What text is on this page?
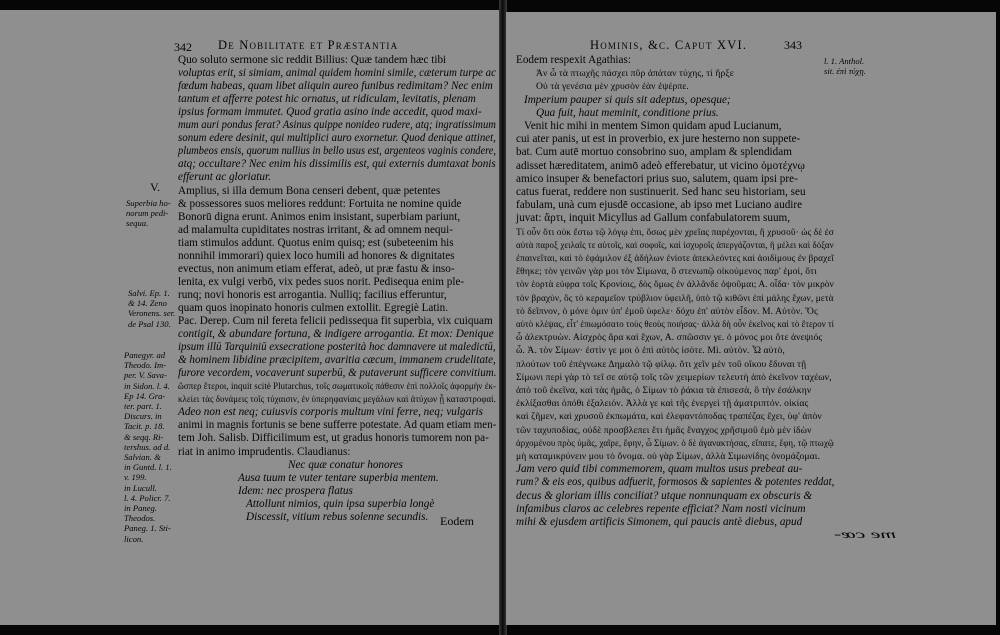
342 De Nobilitate et Præstantia
V.
Quo soluto sermone sic reddit Billius: Quæ tandem hæc tibi
voluptas erit, si simiam, animal quidem homini simile, cæterum turpe ac
fœdum habeas, quam libet aliquin aureo funibus redimitam? Nec enim
tantum et afferre potest hic ornatus, ut ridiculam, levitatis, plenam
ipsius formam immutet. Quod gratia asino inde accedit, quod maxi-
mum auri pondus ferat? Asinus quippe nonideo rudere, atq; ingratissimum
sonum edere desinit, qui multiplici auro exornetur. Quod denique attinet,
plumbeos ensis, quorum nullius in bello usus est, argenteos vaginis condere,
atq; occultare? Nec enim his dissimilis est, qui externis dumtaxat bonis
efferunt ac gloriatur.
Amplius, si illa demum Bona censeri debent, quæ petentes
& possessores suos meliores reddunt: Fortuita ne nomine quide
Bonorū digna erunt. Animos enim insistant, superbiam pariunt,
ad malamulta cupiditates nostras irritant, & ad omnem nequi-
tiam stimulos addunt. Quotus enim quisq; est (subeteenim his
nonnihil immorari) quiex loco humili ad honores & dignitates
evectus, non animum etiam efferat, adeò, ut præ fastu & inso-
lenita, ex vulgi verbō, vix pedes suos norit. Pedisequa enim ple-
runq; novi honoris est arrogantia. Nulliq; facilius efferuntur,
quam quos inopinato honoris culmen extollit. Egregiè Latin.
Pac. Derep. Cum nil fereta felicii pedissequa fit superbia, vix cuiquam
contigit, & abundare fortuna, & indigere arrogantia. Et mox: Denique
ipsum illū Tarquiniū exsecratione posterità hoc damnavere ut maledictū,
& hominem libidine præcipitem, avaritia cæcum, immanem crudelitate,
furore vecordem, vocaverunt superbū, & putaverunt sufficere convitium.
ὥσπερ ἕτεροι, inquit scitè Plutarchus, τοῖς σωματικοῖς πάθεσιν ἐπὶ πολλοῖς ἀφορμὴν ἐκ-
κλείει τὰς δυνάμεις τοῖς τύχαισιν, ἐν ὑπερηφανίαις μεγάλων καὶ ἀτύχων ᾖ καταστροφαί.
Adeo non est neq; cuiusvis corporis multum vini ferre, neq; vulgaris
animi in magnis fortunis se bene sufferre potestate. Ad quam etiam men-
tem Joh. Salisb. Difficilimum est, ut gradus honoris tumorem non pa-
riat in animo imprudentis. Claudianus:
Nec quæ conatur honores
Ausa tuum te vuter tentare superbia mentem.
Idem: nec prospera flatus
Attollunt nimios, quin ipsa superbia longè
Discessit, vitium rebus solenne secundis.
Superbia ho-
norum pedi-
sequa.
Salvi. Ep. 1.
& 14. Zeno
Veronens. ser.
de Psal 130.
Panegyr. ad
Theodo. Im-
per. V. Sava-
in Sidon. l. 4.
Ep 14. Gra-
ter. part. 1.
Discurs. in
Tacit. p. 18.
& seqq. Ri-
tershus. ad d.
Salvian. &
in Guntd. l. 1.
v. 199.
in Lucull.
l. 4. Policr. 7.
in Paneg.
Theodos.
Paneg. 1. Sti-
licon.
Eodem
Hominis, &c. Caput XVI.	343
l. 1. Anthol.
sit. ἐπὶ τύχῃ.
Eodem respexit Agathias:
Ἀν ὦ τὰ πτωχῆς πάσχει πῦρ ἀπάταν τύχης, τί ἥρξε
Οὐ τὰ γενέσια μὲν χρυσὸν ἐὰν ἐψέρπε.
Imperium pauper si quis sit adeptus, opesque;
Qua fuit, haut meminit, conditione prius.
Venit hic mihi in mentem Simon quidam apud Lucianum,
cui ater panis, ut est in proverbio, ex jure hesterno non suppete-
bat. Cum autē mortuo consobrino suo, amplam & splendidam
adisset hæreditatem, animō adeò efferebatur, ut vicino ὀμοτέχνῳ
amico insuper & benefactori prius suo, salutem, quam ipsi pre-
catus fuerat, reddere non sustinuerit. Sed hanc seu historiam, seu
fabulam, unà cum ejusdē occasione, ab ipso met Luciano audire
juvat: ἄρτι, inquit Micyllus ad Gallum confabulatorem suum,
Τί οὖν ὅτι οὐκ ἔστω τῷ λόγῳ ἐπι, ὅσως μὲν χρεῖας παρέχονται, ἢ χρυσοῦ· ὡς δὲ ἐσ
αὐτὰ παροξ χειλαῖς τε αὐτοῖς, καὶ σοφοῖς, καὶ ἰσχυροῖς ἀπεργάζονται, ἢ μέλει καὶ δόξαν
ἐπαινεῖται, καὶ τὸ ἐφάμιλον ἐξ ἀδήλων ἐνίοτε ἀπεκλεόντες καὶ ἀοιδίμους ἐν βραχεῖ
ἔθηκε; τὸν γεινῶν γὰρ μοι τὸν Σίμωνα, ὃ στενωπῷ οἰκούμενος παρ' ἐμοί, ὅτι
τὸν ἑορτὰ εὐφρα τοῖς Κρονίοις, δὸς ὅμως ἐν ἀλλᾶνδε ὀψοῦμαι; Α. οἶδα· τὸν μικρὸν
τὸν βραχὺν, ὃς τὸ κεραμεῖον τρύβλιον ὑφειλῆ, ὑπὸ τῷ κιθῶνι ἐπὶ μάλης ἔχων, μετὰ
τὸ δεῖπνον, ὁ μόνε ὀμιν ὑπ' ἐμοῦ ὑφελε· δόχυ ἐπ' αὐτὸν εἶδον. Μ. Αὐτὸν. Ὅς
αὐτὸ κλέψας, εἶτ' ἐπιωμόσατο τοὺς θεοὺς ποιήσας· ἀλλὰ δὴ οὖν ἐκεῖνος καὶ τὸ ἕτερον τί
ὦ ἀλεκτρυὼν. Αἰσχρὸς ἄρα καὶ ἔχων, Α. σπῶσσιν γε. ὁ μόνος μοι ὅτε ἀνεψιός
ὦ. Ἀ. τὸν Σίμων· ἐστὶν γε μοι ὁ ἐπὶ αὐτὸς ἰσότε. Mi. αὐτὸν. Ὦ αὐτὸ,
πλούτων τοῦ ἐπέγνωκε Δημαλὸ τῷ φίλῳ. ὅτι χεῖν μὲν τοῦ οἴκου ἔδυναι τῇ
Σίμωνι περὶ γὰρ τὸ τεῖ σε αὐτῷ τοῖς τῶν χειμερίων τελευτὴ ἀπὸ ἐκεῖνον ταχέων,
ἀπὸ τοῦ ἐκεῖνα, καὶ τὰς ἡμᾶς, ὁ Σίμων τὸ ῥάκια τὰ ἐπισεσὰ, ὃ τὴν ἐσάλκην
ἐκλίξασθαι ὁπόθι ἐξαλειόν. Ἀλλὰ γε καὶ τῆς ἐνεργεὶ τῇ ἀματριπτόν. οἰκίας
καὶ ζῆμεν, καὶ χρυσοῦ ἐκπωμάτα, καὶ ἐλεφαντόποδας τραπέζας ἔχει, ὑφ' ἀπὸν
τῶν ταχυποδίας, οὐδὲ προσβλεπει ἔτι ἡμᾶς ἔναγχος χρῆσιμοῦ ἐμὸ μὲν ἰδὼν
ἀρχομένου πρὸς ὑμᾶς, χαῖρε, ἔφην, ὦ Σίμων. ὁ δὲ ἀγανακτήσας, εἴπατε, ἔφη, τῷ πτωχῷ
μὴ καταμικρύνειν μου τὸ ὄνομα. οὐ γὰρ Σίμων, ἀλλὰ Σιμωνίδης ὀνομάζομαι.
Jam vero quid tibi commemorem, quam multos usus prebeat au-
rum? & eis eos, quibus adfuerit, formosos & sapientes & potentes reddat,
decus & gloriam illis conciliat? utque nonnunquam ex obscuris &
infamibus claros ac celebres repente efficiat? Nam nosti vicinum
mihi & ejusdem artificis Simonem, qui paucis antè diebus, apud
me cœ-
